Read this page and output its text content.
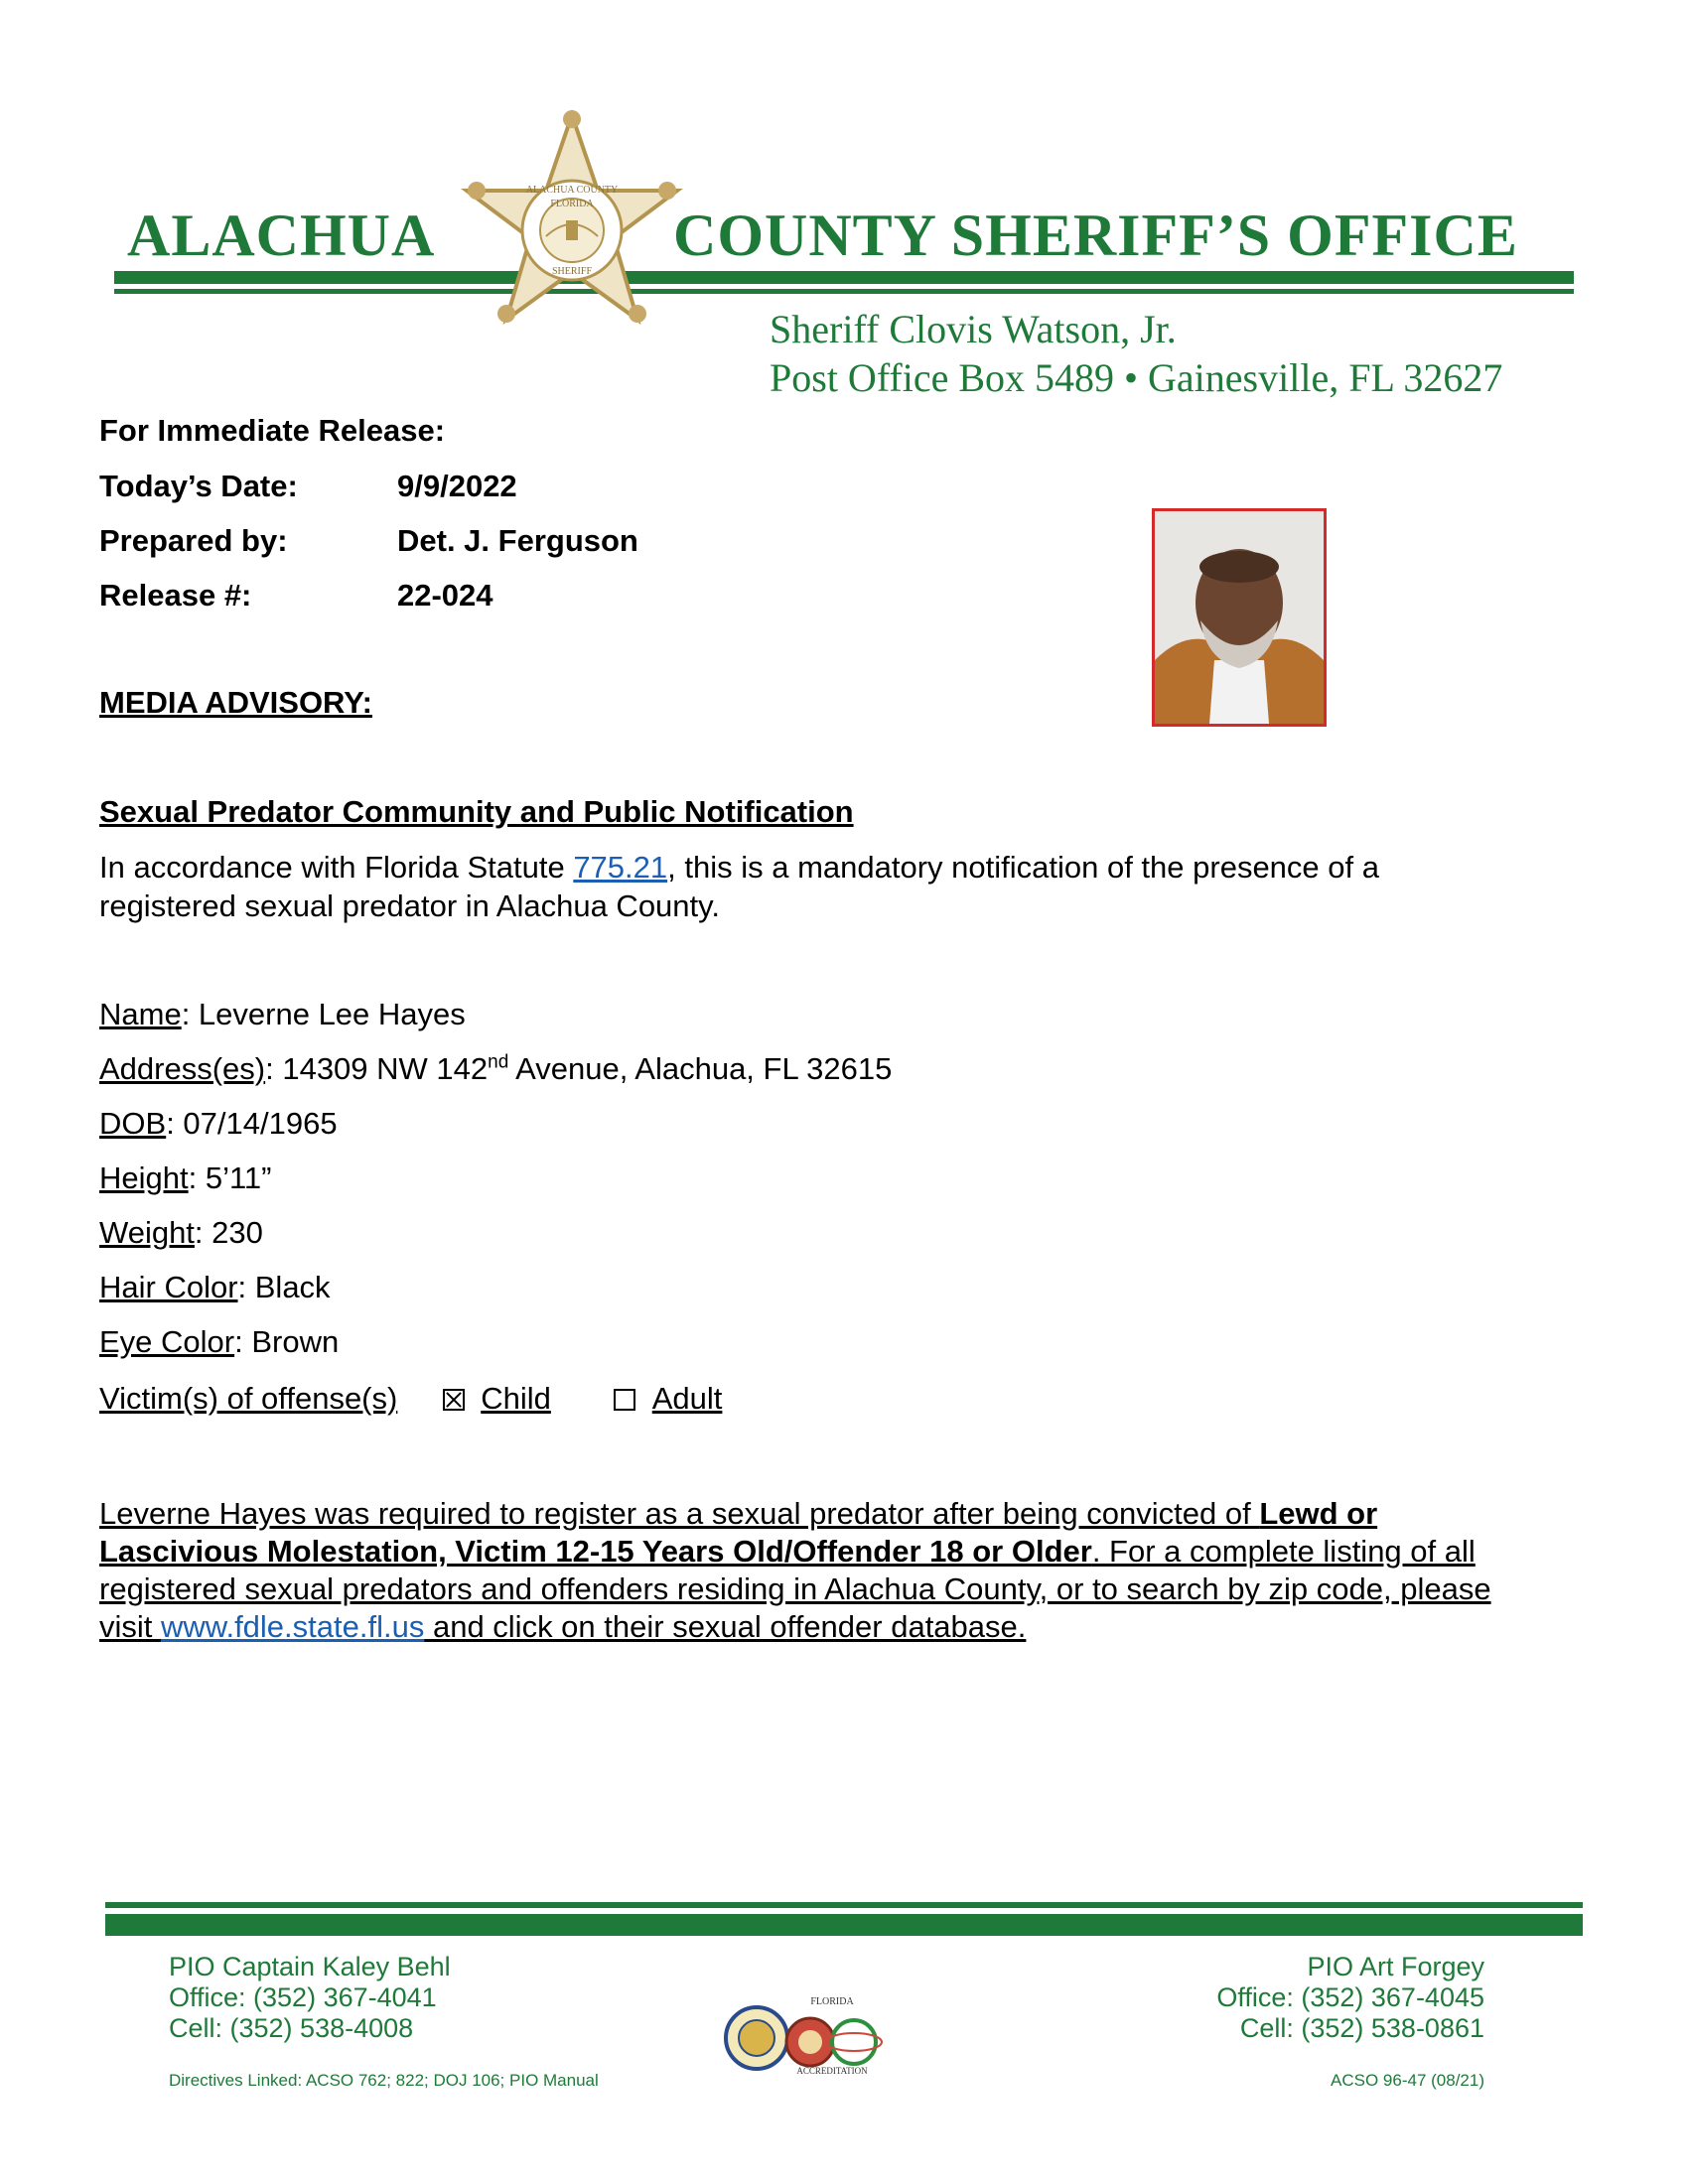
ALACHUA	COUNTY SHERIFF’S OFFICE
ALACHUA COUNTY
FLORIDA
SHERIFF
Sheriff Clovis Watson, Jr.
Post Office Box 5489 • Gainesville, FL 32627
For Immediate Release:
Today’s Date:	9/9/2022
Prepared by:	Det. J. Ferguson
Release #:	22-024
MEDIA ADVISORY:
Sexual Predator Community and Public Notification
In accordance with Florida Statute 775.21, this is a mandatory notification of the presence of a registered sexual predator in Alachua County.
Name: Leverne Lee Hayes
Address(es): 14309 NW 142nd Avenue, Alachua, FL 32615
DOB: 07/14/1965
Height: 5’11”
Weight: 230
Hair Color: Black
Eye Color: Brown
Victim(s) of offense(s)	Child	Adult
Leverne Hayes was required to register as a sexual predator after being convicted of Lewd or Lascivious Molestation, Victim 12-15 Years Old/Offender 18 or Older. For a complete listing of all registered sexual predators and offenders residing in Alachua County, or to search by zip code, please visit www.fdle.state.fl.us and click on their sexual offender database.
PIO Captain Kaley Behl
Office: (352) 367-4041
Cell: (352) 538-4008
PIO Art Forgey
Office: (352) 367-4045
Cell: (352) 538-0861
FLORIDA
ACCREDITATION
Directives Linked: ACSO 762; 822; DOJ 106; PIO Manual	ACSO 96-47 (08/21)
